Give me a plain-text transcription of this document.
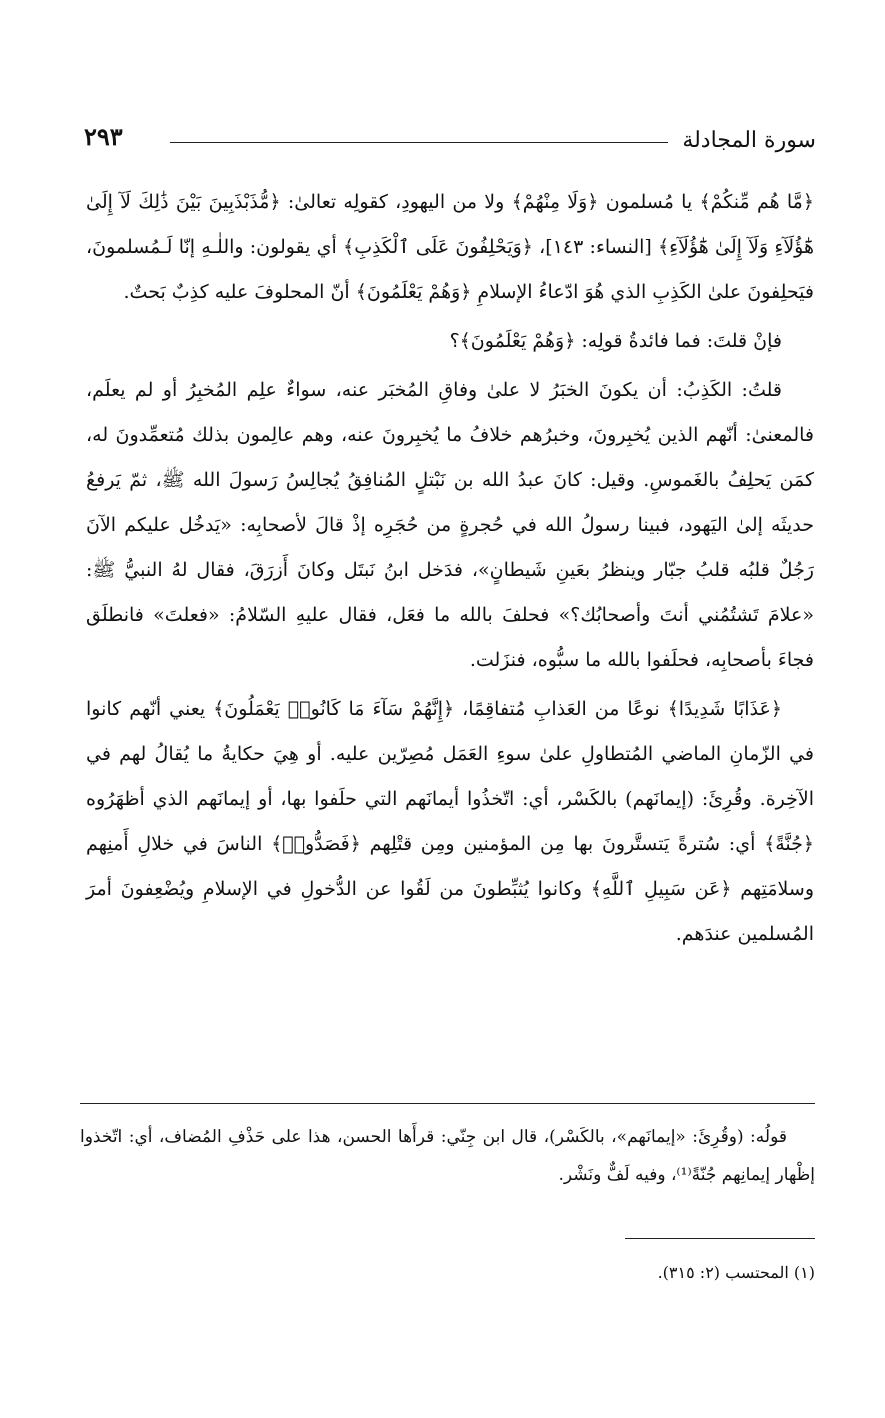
سورة المجادلة
٢٩٣

﴿مَّا هُم مِّنكُمْ﴾ يا مُسلمون ﴿وَلَا مِنْهُمْ﴾ ولا من اليهودِ، كقولِه تعالىٰ: ﴿مُّذَبْذَبِينَ بَيْنَ ذَٰلِكَ لَآ إِلَىٰ هَٰٓؤُلَآءِ وَلَآ إِلَىٰ هَٰٓؤُلَآءِ﴾ [النساء: ١٤٣]، ﴿وَيَحْلِفُونَ عَلَى ٱلْكَذِبِ﴾ أي يقولون: واللٰـهِ إنّا لَـمُسلمونَ، فيَحلِفونَ علىٰ الكَذِبِ الذي هُوَ ادّعاءُ الإسلامِ ﴿وَهُمْ يَعْلَمُونَ﴾ أنّ المحلوفَ عليه كذِبٌ بَحتٌ.

فإنْ قلتَ: فما فائدةُ قولِه: ﴿وَهُمْ يَعْلَمُونَ﴾؟

قلتُ: الكَذِبُ: أن يكونَ الخبَرُ لا علىٰ وفاقِ المُخبَر عنه، سواءٌ علِم المُخبِرُ أو لم يعلَم، فالمعنىٰ: أنّهم الذين يُخبِرونَ، وخبرُهم خلافُ ما يُخبِرونَ عنه، وهم عالِمون بذلك مُتعمِّدونَ له، كمَن يَحلِفُ بالغَموسِ. وقيل: كانَ عبدُ الله بن نَبْتلٍ المُنافِقُ يُجالِسُ رَسولَ الله ﷺ، ثمّ يَرفعُ حديثَه إلىٰ اليَهود، فبينا رسولُ الله في حُجرةٍ من حُجَرِه إذْ قالَ لأصحابِه: «يَدخُل عليكم الآنَ رَجُلٌ قلبُه قلبُ جبّار وينظرُ بعَينِ شَيطانٍ»، فدَخل ابنُ نَبتَل وكانَ أَزرَقَ، فقال لهُ النبيُّ ﷺ: «علامَ تَشتُمُني أنتَ وأصحابُك؟» فحلفَ بالله ما فعَل، فقال عليهِ السّلامُ: «فعلتَ» فانطلَق فجاءَ بأصحابِه، فحلَفوا بالله ما سبُّوه، فنزَلت.

﴿عَذَابًا شَدِيدًا﴾ نوعًا من العَذابِ مُتفاقِمًا، ﴿إِنَّهُمْ سَآءَ مَا كَانُوا۟ يَعْمَلُونَ﴾ يعني أنّهم كانوا في الزّمانِ الماضي المُتطاولِ علىٰ سوءِ العَمَل مُصِرّين عليه. أو هِيَ حكايةُ ما يُقالُ لهم في الآخِرة. وقُرِئَ: (إيمانَهم) بالكَسْر، أي: اتّخذُوا أيمانَهم التي حلَفوا بها، أو إيمانَهم الذي أظهَرُوه ﴿جُنَّةً﴾ أي: سُترةً يَتستَّرونَ بها مِن المؤمنين ومِن قتْلِهم ﴿فَصَدُّوا۟﴾ الناسَ في خلالِ أَمنِهم وسلامَتِهم ﴿عَن سَبِيلِ ٱللَّهِ﴾ وكانوا يُثبِّطونَ من لَقُوا عن الدُّخولِ في الإسلامِ ويُضْعِفونَ أمرَ المُسلمين عندَهم.

قولُه: (وقُرِئَ: «إيمانَهم»، بالكَسْر)، قال ابن جِنّي: قرأَها الحسن، هذا على حَذْفِ المُضاف، أي: اتّخذوا إظْهار إيمانِهم جُنّةً⁽¹⁾، وفيه لَفٌّ ونَشْر.
(١) المحتسب (٢: ٣١٥).
